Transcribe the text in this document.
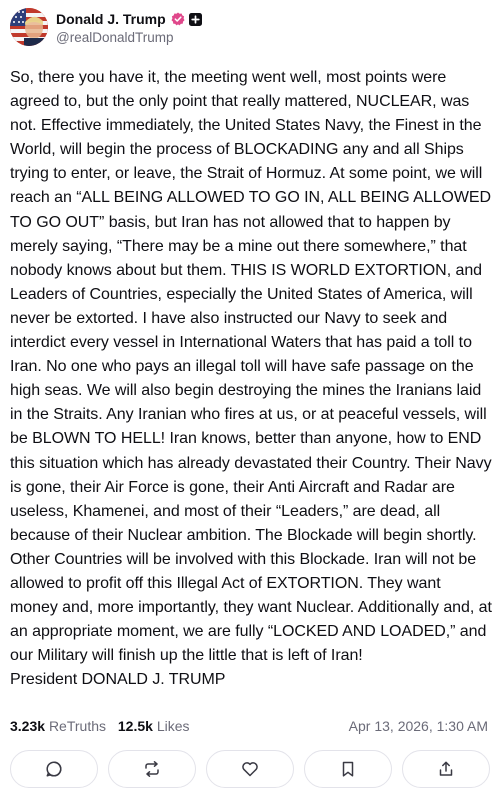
Donald J. Trump
@realDonaldTrump
So, there you have it, the meeting went well, most points were agreed to, but the only point that really mattered, NUCLEAR, was not. Effective immediately, the United States Navy, the Finest in the World, will begin the process of BLOCKADING any and all Ships trying to enter, or leave, the Strait of Hormuz. At some point, we will reach an “ALL BEING ALLOWED TO GO IN, ALL BEING ALLOWED TO GO OUT” basis, but Iran has not allowed that to happen by merely saying, “There may be a mine out there somewhere,” that nobody knows about but them. THIS IS WORLD EXTORTION, and Leaders of Countries, especially the United States of America, will never be extorted. I have also instructed our Navy to seek and interdict every vessel in International Waters that has paid a toll to Iran. No one who pays an illegal toll will have safe passage on the high seas. We will also begin destroying the mines the Iranians laid in the Straits. Any Iranian who fires at us, or at peaceful vessels, will be BLOWN TO HELL! Iran knows, better than anyone, how to END this situation which has already devastated their Country. Their Navy is gone, their Air Force is gone, their Anti Aircraft and Radar are useless, Khamenei, and most of their “Leaders,” are dead, all because of their Nuclear ambition. The Blockade will begin shortly. Other Countries will be involved with this Blockade. Iran will not be allowed to profit off this Illegal Act of EXTORTION. They want money and, more importantly, they want Nuclear. Additionally and, at an appropriate moment, we are fully “LOCKED AND LOADED,” and our Military will finish up the little that is left of Iran!
President DONALD J. TRUMP
3.23k ReTruths 12.5k Likes	Apr 13, 2026, 1:30 AM
